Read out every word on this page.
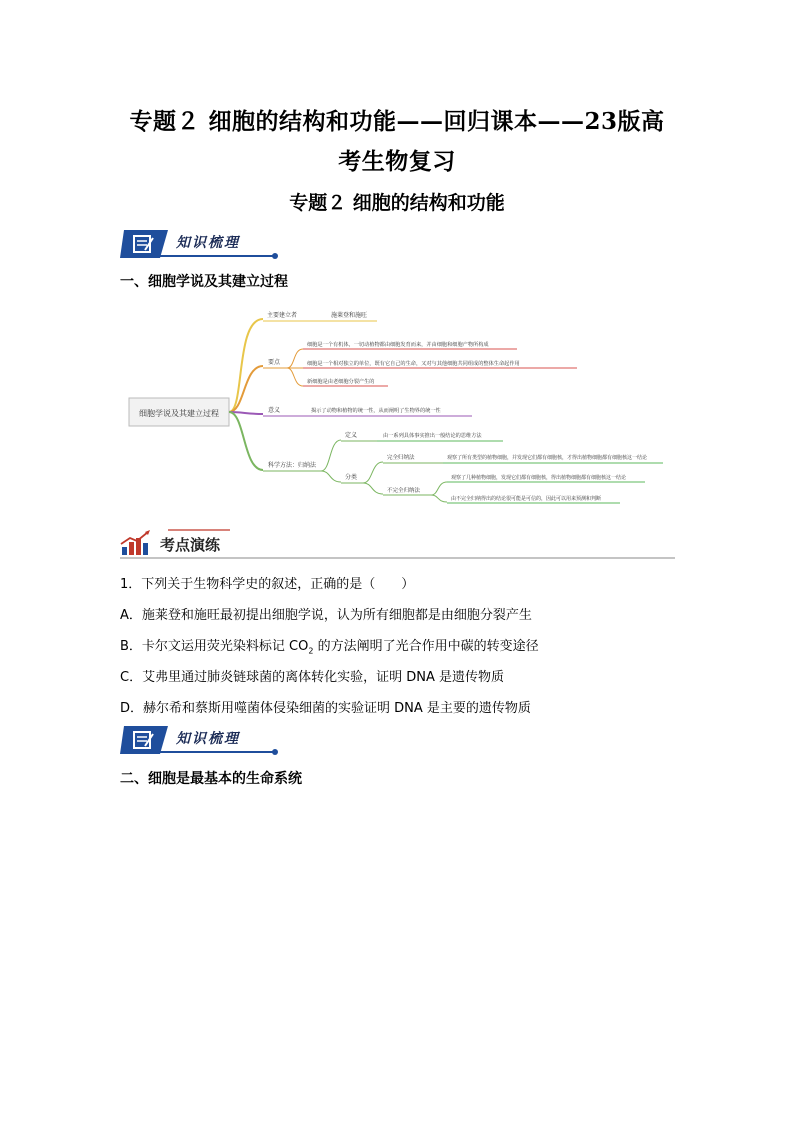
专题２ 细胞的结构和功能——回归课本——23版高
考生物复习
专题２ 细胞的结构和功能
知识梳理
一、细胞学说及其建立过程
细胞学说及其建立过程
主要建立者	施莱登和施旺
要点
细胞是一个有机体，一切动植物都由细胞发育而来，并由细胞和细胞产物所构成
细胞是一个相对独立的单位，既有它自己的生命，又对与其他细胞共同组成的整体生命起作用
新细胞是由老细胞分裂产生的
意义	揭示了动物和植物的统一性，从而阐明了生物界的统一性
科学方法：归纳法
定义	由一系列具体事实推出一般结论的思维方法
分类
完全归纳法	观察了所有类型的植物细胞，并发现它们都有细胞核，才得出植物细胞都有细胞核这一结论
不完全归纳法
观察了几种植物细胞，发现它们都有细胞核，得出植物细胞都有细胞核这一结论
由不完全归纳得出的结论很可能是可信的，因此可以用来预测和判断
考点演练
1．下列关于生物科学史的叙述，正确的是（　　）
A．施莱登和施旺最初提出细胞学说，认为所有细胞都是由细胞分裂产生
B．卡尔文运用荧光染料标记 $CO_2$ 的方法阐明了光合作用中碳的转变途径
C．艾弗里通过肺炎链球菌的离体转化实验，证明 DNA 是遗传物质
D．赫尔希和蔡斯用噬菌体侵染细菌的实验证明 DNA 是主要的遗传物质
知识梳理
二、细胞是最基本的生命系统
